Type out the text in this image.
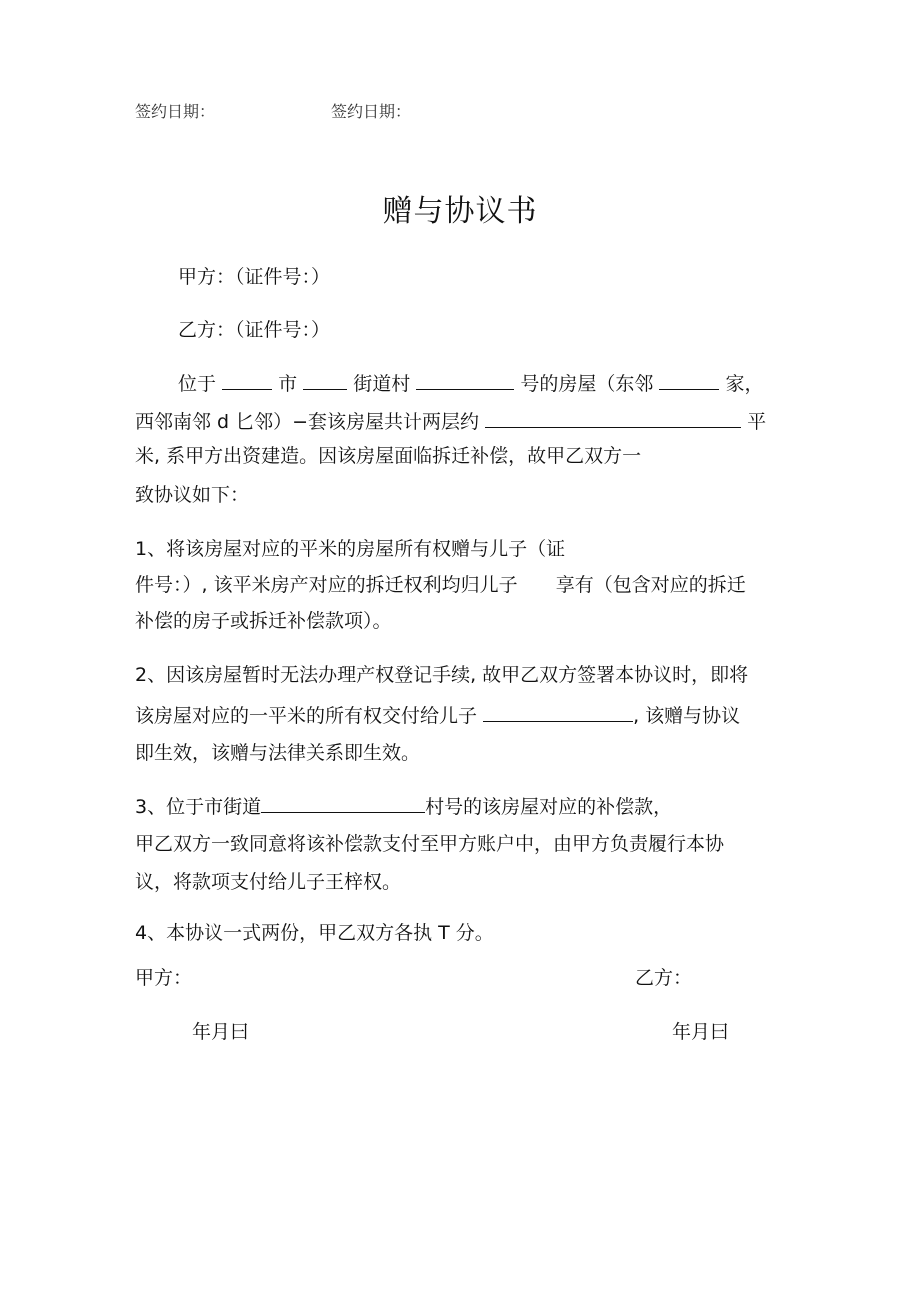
签约日期：	签约日期：
赠与协议书
甲方：（证件号：）
乙方：（证件号：）
位于	市	街道村	号的房屋（东邻	家，
西邻南邻 d 匕邻）−套该房屋共计两层约	平
米, 系甲方出资建造。因该房屋面临拆迁补偿，故甲乙双方一
致协议如下：
1、将该房屋对应的平米的房屋所有权赠与儿子（证
件号：）, 该平米房产对应的拆迁权利均归儿子 享有（包含对应的拆迁
补偿的房子或拆迁补偿款项）。
2、因该房屋暂时无法办理产权登记手续, 故甲乙双方签署本协议时，即将
该房屋对应的一平米的所有权交付给儿子	, 该赠与协议
即生效，该赠与法律关系即生效。
3、位于市街道	村号的该房屋对应的补偿款，
甲乙双方一致同意将该补偿款支付至甲方账户中，由甲方负责履行本协
议，将款项支付给儿子王梓权。
4、本协议一式两份，甲乙双方各执 T 分。
甲方：	乙方：
年月曰	年月曰
